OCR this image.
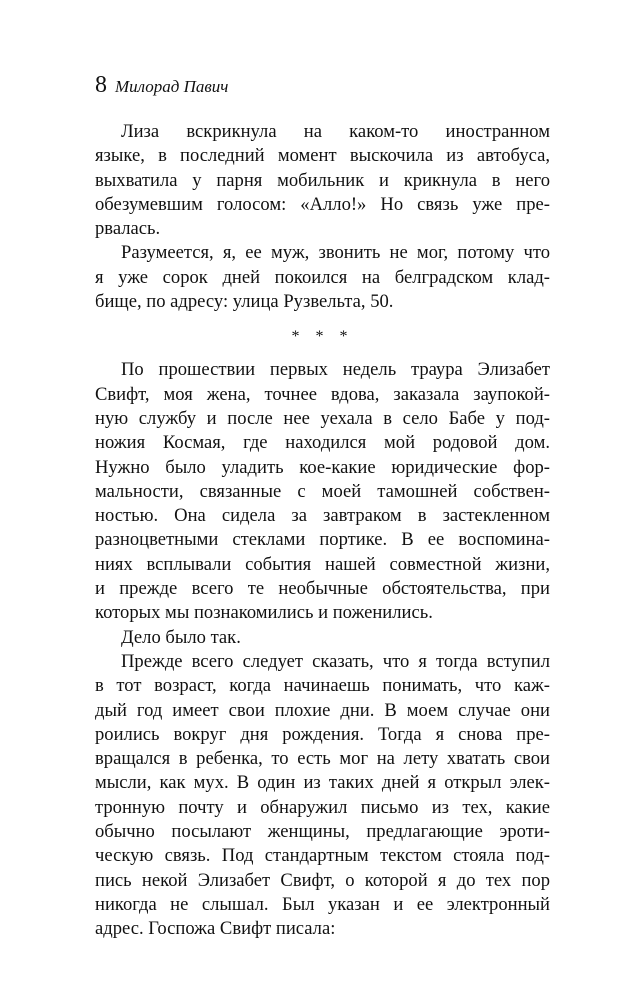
8 Милорад Павич
Лиза вскрикнула на каком-то иностранном
языке, в последний момент выскочила из автобуса,
выхватила у парня мобильник и крикнула в него
обезумевшим голосом: «Алло!» Но связь уже пре-
рвалась.
Разумеется, я, ее муж, звонить не мог, потому что
я уже сорок дней покоился на белградском клад-
бище, по адресу: улица Рузвельта, 50.
* * *
По прошествии первых недель траура Элизабет
Свифт, моя жена, точнее вдова, заказала заупокой-
ную службу и после нее уехала в село Бабе у под-
ножия Космая, где находился мой родовой дом.
Нужно было уладить кое-какие юридические фор-
мальности, связанные с моей тамошней собствен-
ностью. Она сидела за завтраком в застекленном
разноцветными стеклами портике. В ее воспомина-
ниях всплывали события нашей совместной жизни,
и прежде всего те необычные обстоятельства, при
которых мы познакомились и поженились.
Дело было так.
Прежде всего следует сказать, что я тогда вступил
в тот возраст, когда начинаешь понимать, что каж-
дый год имеет свои плохие дни. В моем случае они
роились вокруг дня рождения. Тогда я снова пре-
вращался в ребенка, то есть мог на лету хватать свои
мысли, как мух. В один из таких дней я открыл элек-
тронную почту и обнаружил письмо из тех, какие
обычно посылают женщины, предлагающие эроти-
ческую связь. Под стандартным текстом стояла под-
пись некой Элизабет Свифт, о которой я до тех пор
никогда не слышал. Был указан и ее электронный
адрес. Госпожа Свифт писала:
